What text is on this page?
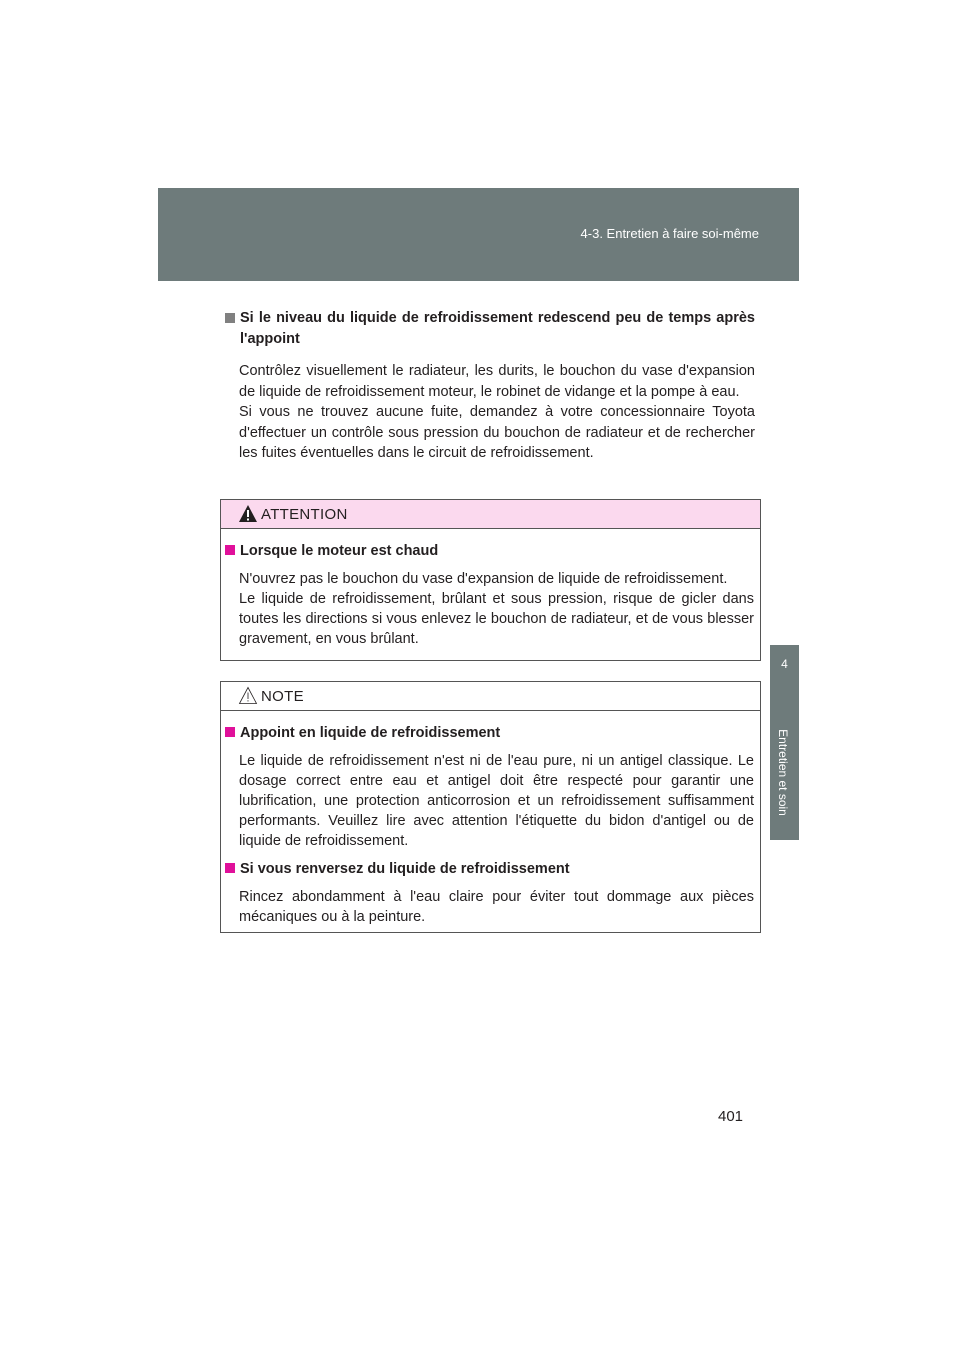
4-3. Entretien à faire soi-même
4
Entretien et soin
Si le niveau du liquide de refroidissement redescend peu de temps après l'appoint

Contrôlez visuellement le radiateur, les durits, le bouchon du vase d'expansion de liquide de refroidissement moteur, le robinet de vidange et la pompe à eau.

Si vous ne trouvez aucune fuite, demandez à votre concessionnaire Toyota d'effectuer un contrôle sous pression du bouchon de radiateur et de rechercher les fuites éventuelles dans le circuit de refroidissement.

ATTENTION
Lorsque le moteur est chaud

N'ouvrez pas le bouchon du vase d'expansion de liquide de refroidissement.

Le liquide de refroidissement, brûlant et sous pression, risque de gicler dans toutes les directions si vous enlevez le bouchon de radiateur, et de vous blesser gravement, en vous brûlant.

NOTE
Appoint en liquide de refroidissement

Le liquide de refroidissement n'est ni de l'eau pure, ni un antigel classique. Le dosage correct entre eau et antigel doit être respecté pour garantir une lubrification, une protection anticorrosion et un refroidissement suffisamment performants. Veuillez lire avec attention l'étiquette du bidon d'antigel ou de liquide de refroidissement.

Si vous renversez du liquide de refroidissement

Rincez abondamment à l'eau claire pour éviter tout dommage aux pièces mécaniques ou à la peinture.

401
